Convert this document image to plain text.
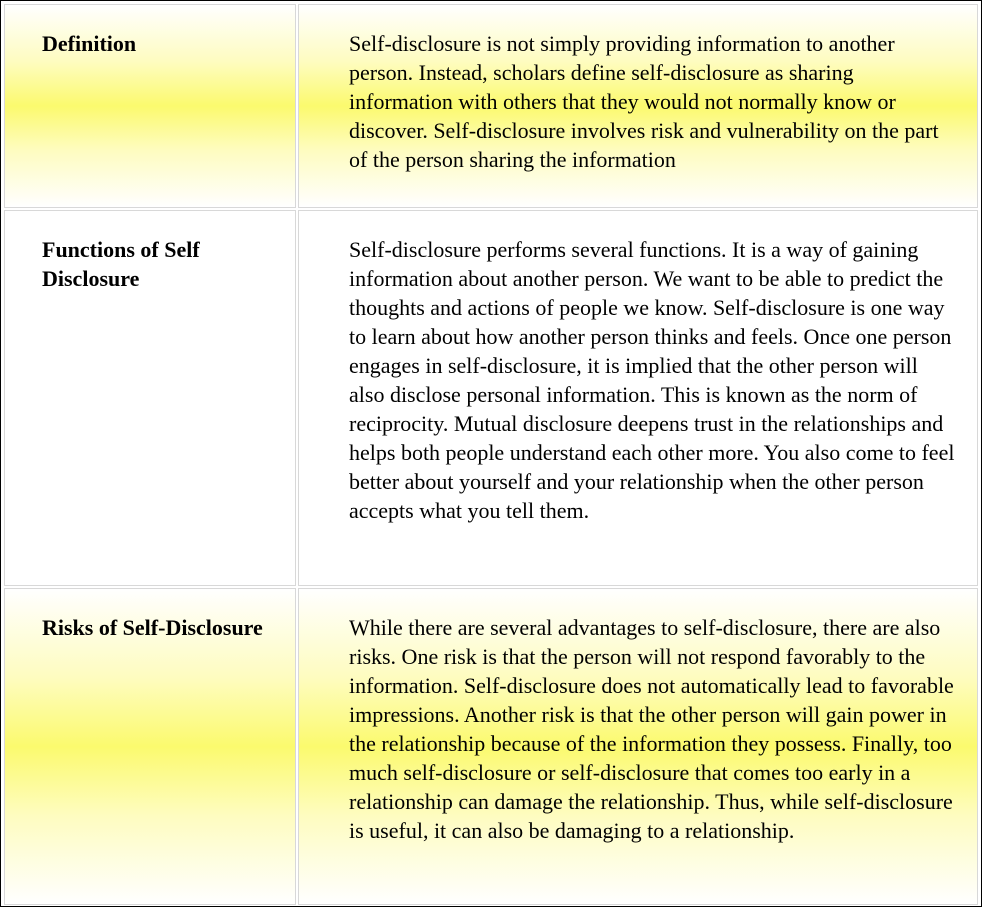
Definition	Self-disclosure is not simply providing information to another person. Instead, scholars define self-disclosure as sharing information with others that they would not normally know or discover. Self-disclosure involves risk and vulnerability on the part of the person sharing the information
Functions of Self Disclosure	Self-disclosure performs several functions. It is a way of gaining information about another person. We want to be able to predict the thoughts and actions of people we know. Self-disclosure is one way to learn about how another person thinks and feels. Once one person engages in self-disclosure, it is implied that the other person will also disclose personal information. This is known as the norm of reciprocity. Mutual disclosure deepens trust in the relationships and helps both people understand each other more. You also come to feel better about yourself and your relationship when the other person accepts what you tell them.
Risks of Self-Disclosure	While there are several advantages to self-disclosure, there are also risks. One risk is that the person will not respond favorably to the information. Self-disclosure does not automatically lead to favorable impressions. Another risk is that the other person will gain power in the relationship because of the information they possess. Finally, too much self-disclosure or self-disclosure that comes too early in a relationship can damage the relationship. Thus, while self-disclosure is useful, it can also be damaging to a relationship.
